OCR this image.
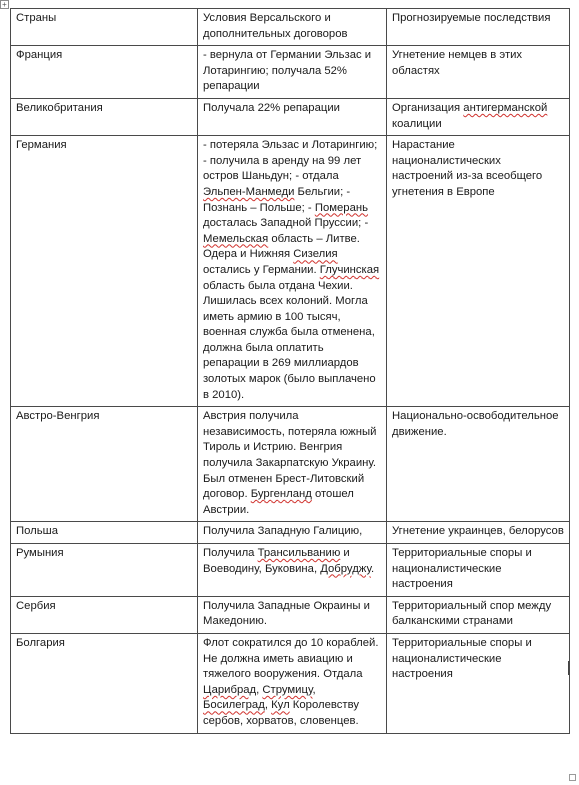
+
Страны	Условия Версальского и дополнительных договоров	Прогнозируемые последствия
Франция	- вернула от Германии Эльзас и Лотарингию; получала 52% репарации	Угнетение немцев в этих областях
Великобритания	Получала 22% репарации	Организация антигерманской коалиции
Германия	- потеряла Эльзас и Лотарингию; - получила в аренду на 99 лет остров Шаньдун; - отдала Эльпен-Манмеди Бельгии; - Познань – Польше; - Померань досталась Западной Пруссии; - Мемельская область – Литве. Одера и Нижняя Сизелия остались у Германии. Глучинская область была отдана Чехии. Лишилась всех колоний. Могла иметь армию в 100 тысяч, военная служба была отменена, должна была оплатить репарации в 269 миллиардов золотых марок (было выплачено в 2010).	Нарастание националистических настроений из-за всеобщего угнетения в Европе
Австро-Венгрия	Австрия получила независимость, потеряла южный Тироль и Истрию. Венгрия получила Закарпатскую Украину. Был отменен Брест-Литовский договор. Бургенланд отошел Австрии.	Национально-освободительное движение.
Польша	Получила Западную Галицию,	Угнетение украинцев, белорусов
Румыния	Получила Трансильванию и Воеводину, Буковина, Добруджу.	Территориальные споры и националистические настроения
Сербия	Получила Западные Окраины и Македонию.	Территориальный спор между балканскими странами
Болгария	Флот сократился до 10 кораблей. Не должна иметь авиацию и тяжелого вооружения. Отдала Царибрад, Струмицу, Босилеград, Кул Королевству сербов, хорватов, словенцев.	Территориальные споры и националистические настроения
